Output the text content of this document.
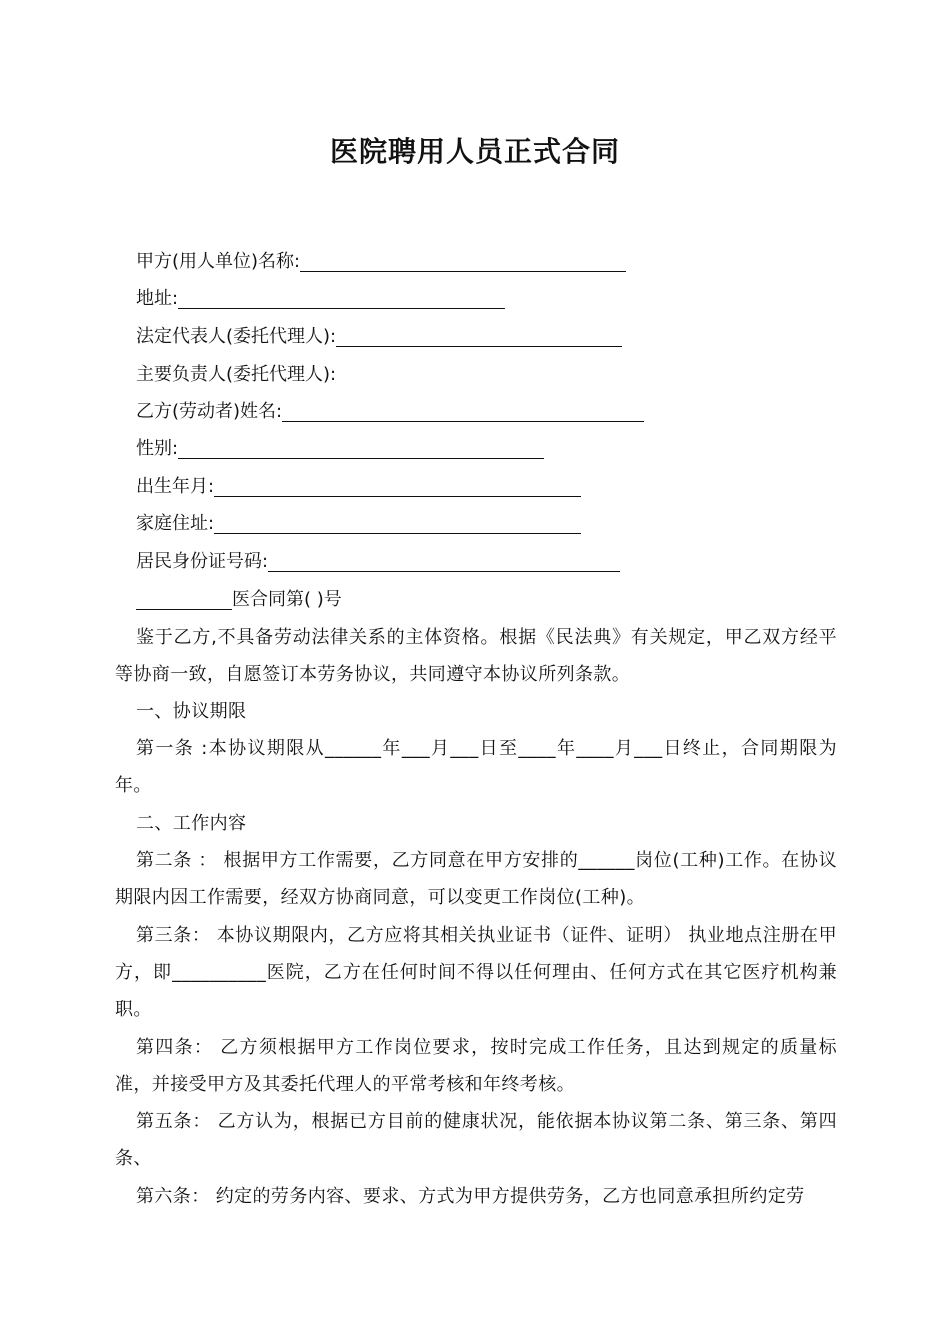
医院聘用人员正式合同
甲方(用人单位)名称:
地址:
法定代表人(委托代理人):
主要负责人(委托代理人):
乙方(劳动者)姓名:
性别:
出生年月:
家庭住址:
居民身份证号码:
医合同第( )号
鉴于乙方,不具备劳动法律关系的主体资格。根据《民法典》有关规定，甲乙双方经平等协商一致，自愿签订本劳务协议，共同遵守本协议所列条款。
一、协议期限
第一条 :本协议期限从______年___月___日至____年____月___日终止，合同期限为年。
二、工作内容
第二条 ： 根据甲方工作需要，乙方同意在甲方安排的______岗位(工种)工作。在协议期限内因工作需要，经双方协商同意，可以变更工作岗位(工种)。
第三条： 本协议期限内，乙方应将其相关执业证书（证件、证明） 执业地点注册在甲方，即__________医院，乙方在任何时间不得以任何理由、任何方式在其它医疗机构兼职。
第四条： 乙方须根据甲方工作岗位要求，按时完成工作任务，且达到规定的质量标准，并接受甲方及其委托代理人的平常考核和年终考核。
第五条： 乙方认为，根据已方目前的健康状况，能依据本协议第二条、第三条、第四条、
第六条： 约定的劳务内容、要求、方式为甲方提供劳务，乙方也同意承担所约定劳
